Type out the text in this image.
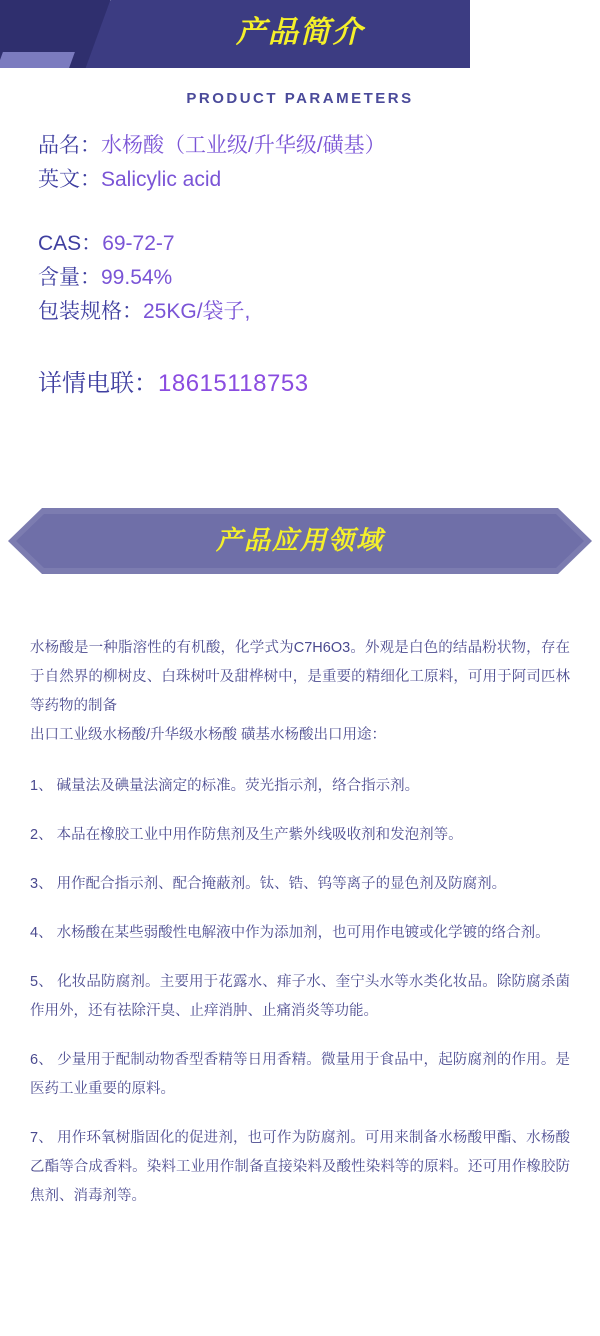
产品简介
PRODUCT PARAMETERS
品名：水杨酸（工业级/升华级/磺基）
英文：Salicylic acid
CAS：69-72-7
含量：99.54%
包装规格：25KG/袋子,
详情电联：18615118753
产品应用领域

水杨酸是一种脂溶性的有机酸，化学式为C7H6O3。外观是白色的结晶粉状物，存在于自然界的柳树皮、白珠树叶及甜桦树中，是重要的精细化工原料，可用于阿司匹林等药物的制备

出口工业级水杨酸/升华级水杨酸 磺基水杨酸出口用途：

1、 碱量法及碘量法滴定的标准。荧光指示剂，络合指示剂。
2、 本品在橡胶工业中用作防焦剂及生产紫外线吸收剂和发泡剂等。
3、 用作配合指示剂、配合掩蔽剂。钛、锆、钨等离子的显色剂及防腐剂。
4、 水杨酸在某些弱酸性电解液中作为添加剂，也可用作电镀或化学镀的络合剂。
5、 化妆品防腐剂。主要用于花露水、痱子水、奎宁头水等水类化妆品。除防腐杀菌作用外，还有祛除汗臭、止痒消肿、止痛消炎等功能。
6、 少量用于配制动物香型香精等日用香精。微量用于食品中，起防腐剂的作用。是医药工业重要的原料。
7、 用作环氧树脂固化的促进剂，也可作为防腐剂。可用来制备水杨酸甲酯、水杨酸乙酯等合成香料。染料工业用作制备直接染料及酸性染料等的原料。还可用作橡胶防焦剂、消毒剂等。
